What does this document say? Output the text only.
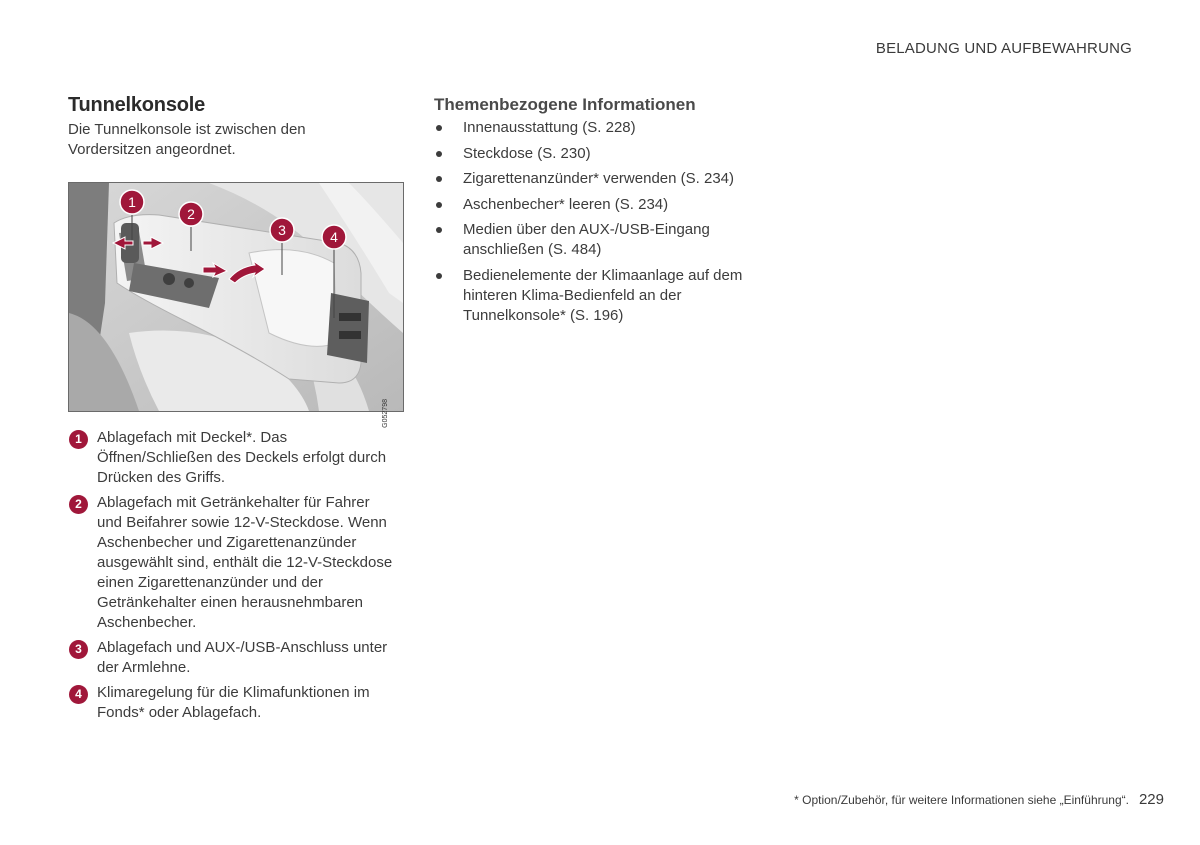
BELADUNG UND AUFBEWAHRUNG
Tunnelkonsole
Die Tunnelkonsole ist zwischen den Vordersitzen angeordnet.
1
2
3	4
G052798
1	Ablagefach mit Deckel*. Das Öffnen/Schließen des Deckels erfolgt durch Drücken des Griffs.
2	Ablagefach mit Getränkehalter für Fahrer und Beifahrer sowie 12-V-Steckdose. Wenn Aschenbecher und Zigarettenanzünder ausgewählt sind, enthält die 12-V-Steckdose einen Zigarettenanzünder und der Getränkehalter einen herausnehmbaren Aschenbecher.
3	Ablagefach und AUX-/USB-Anschluss unter der Armlehne.
4	Klimaregelung für die Klimafunktionen im Fonds* oder Ablagefach.
Themenbezogene Informationen
Innenausstattung (S. 228)
Steckdose (S. 230)
Zigarettenanzünder* verwenden (S. 234)
Aschenbecher* leeren (S. 234)
Medien über den AUX-/USB-Eingang anschließen (S. 484)
Bedienelemente der Klimaanlage auf dem hinteren Klima-Bedienfeld an der Tunnelkonsole* (S. 196)
* Option/Zubehör, für weitere Informationen siehe „Einführung“. 229
